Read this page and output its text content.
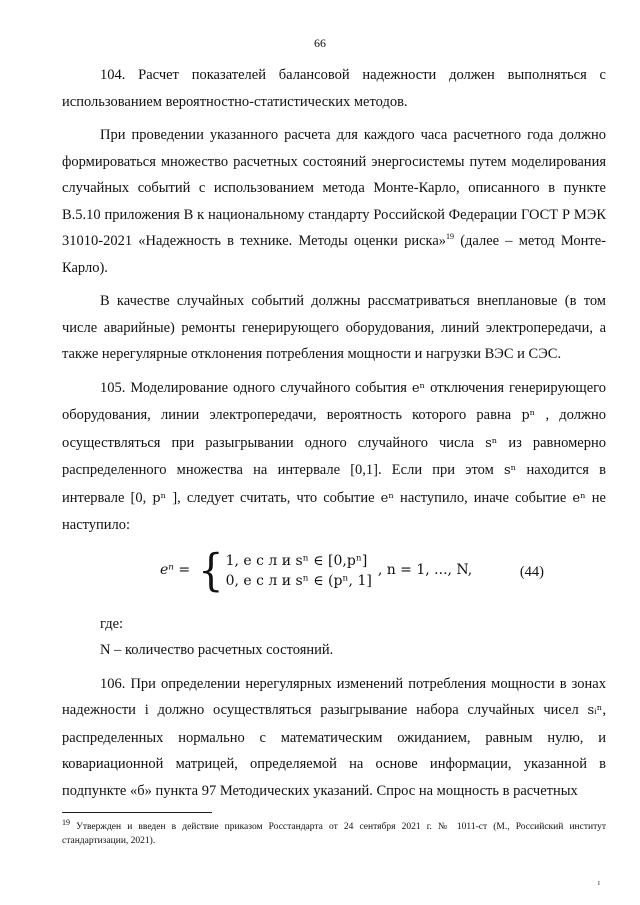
66

104. Расчет показателей балансовой надежности должен выполняться с использованием вероятностно-статистических методов.

При проведении указанного расчета для каждого часа расчетного года должно формироваться множество расчетных состояний энергосистемы путем моделирования случайных событий с использованием метода Монте-Карло, описанного в пункте В.5.10 приложения В к национальному стандарту Российской Федерации ГОСТ Р МЭК 31010-2021 «Надежность в технике. Методы оценки риска»$^{19}$ (далее – метод Монте-Карло).

В качестве случайных событий должны рассматриваться внеплановые (в том числе аварийные) ремонты генерирующего оборудования, линий электропередачи, а также нерегулярные отклонения потребления мощности и нагрузки ВЭС и СЭС.

105. Моделирование одного случайного события eⁿ отключения генерирующего оборудования, линии электропередачи, вероятность которого равна pⁿ , должно осуществляться при разыгрывании одного случайного числа sⁿ из равномерно распределенного множества на интервале [0,1]. Если при этом sⁿ находится в интервале [0, pⁿ ], следует считать, что событие eⁿ наступило, иначе событие eⁿ не наступило:

eⁿ = { 1, е с л и sⁿ ∈ [0,pⁿ]
0, е с л и sⁿ ∈ (pⁿ, 1]
, n = 1, ..., N,	(44)

где:

N – количество расчетных состояний.

106. При определении нерегулярных изменений потребления мощности в зонах надежности i должно осуществляться разыгрывание набора случайных чисел sᵢⁿ, распределенных нормально с математическим ожиданием, равным нулю, и ковариационной матрицей, определяемой на основе информации, указанной в подпункте «б» пункта 97 Методических указаний. Спрос на мощность в расчетных

$^{19}$ Утвержден и введен в действие приказом Росстандарта от 24 сентября 2021 г. № 1011-ст (М., Российский институт стандартизации, 2021).
ı
